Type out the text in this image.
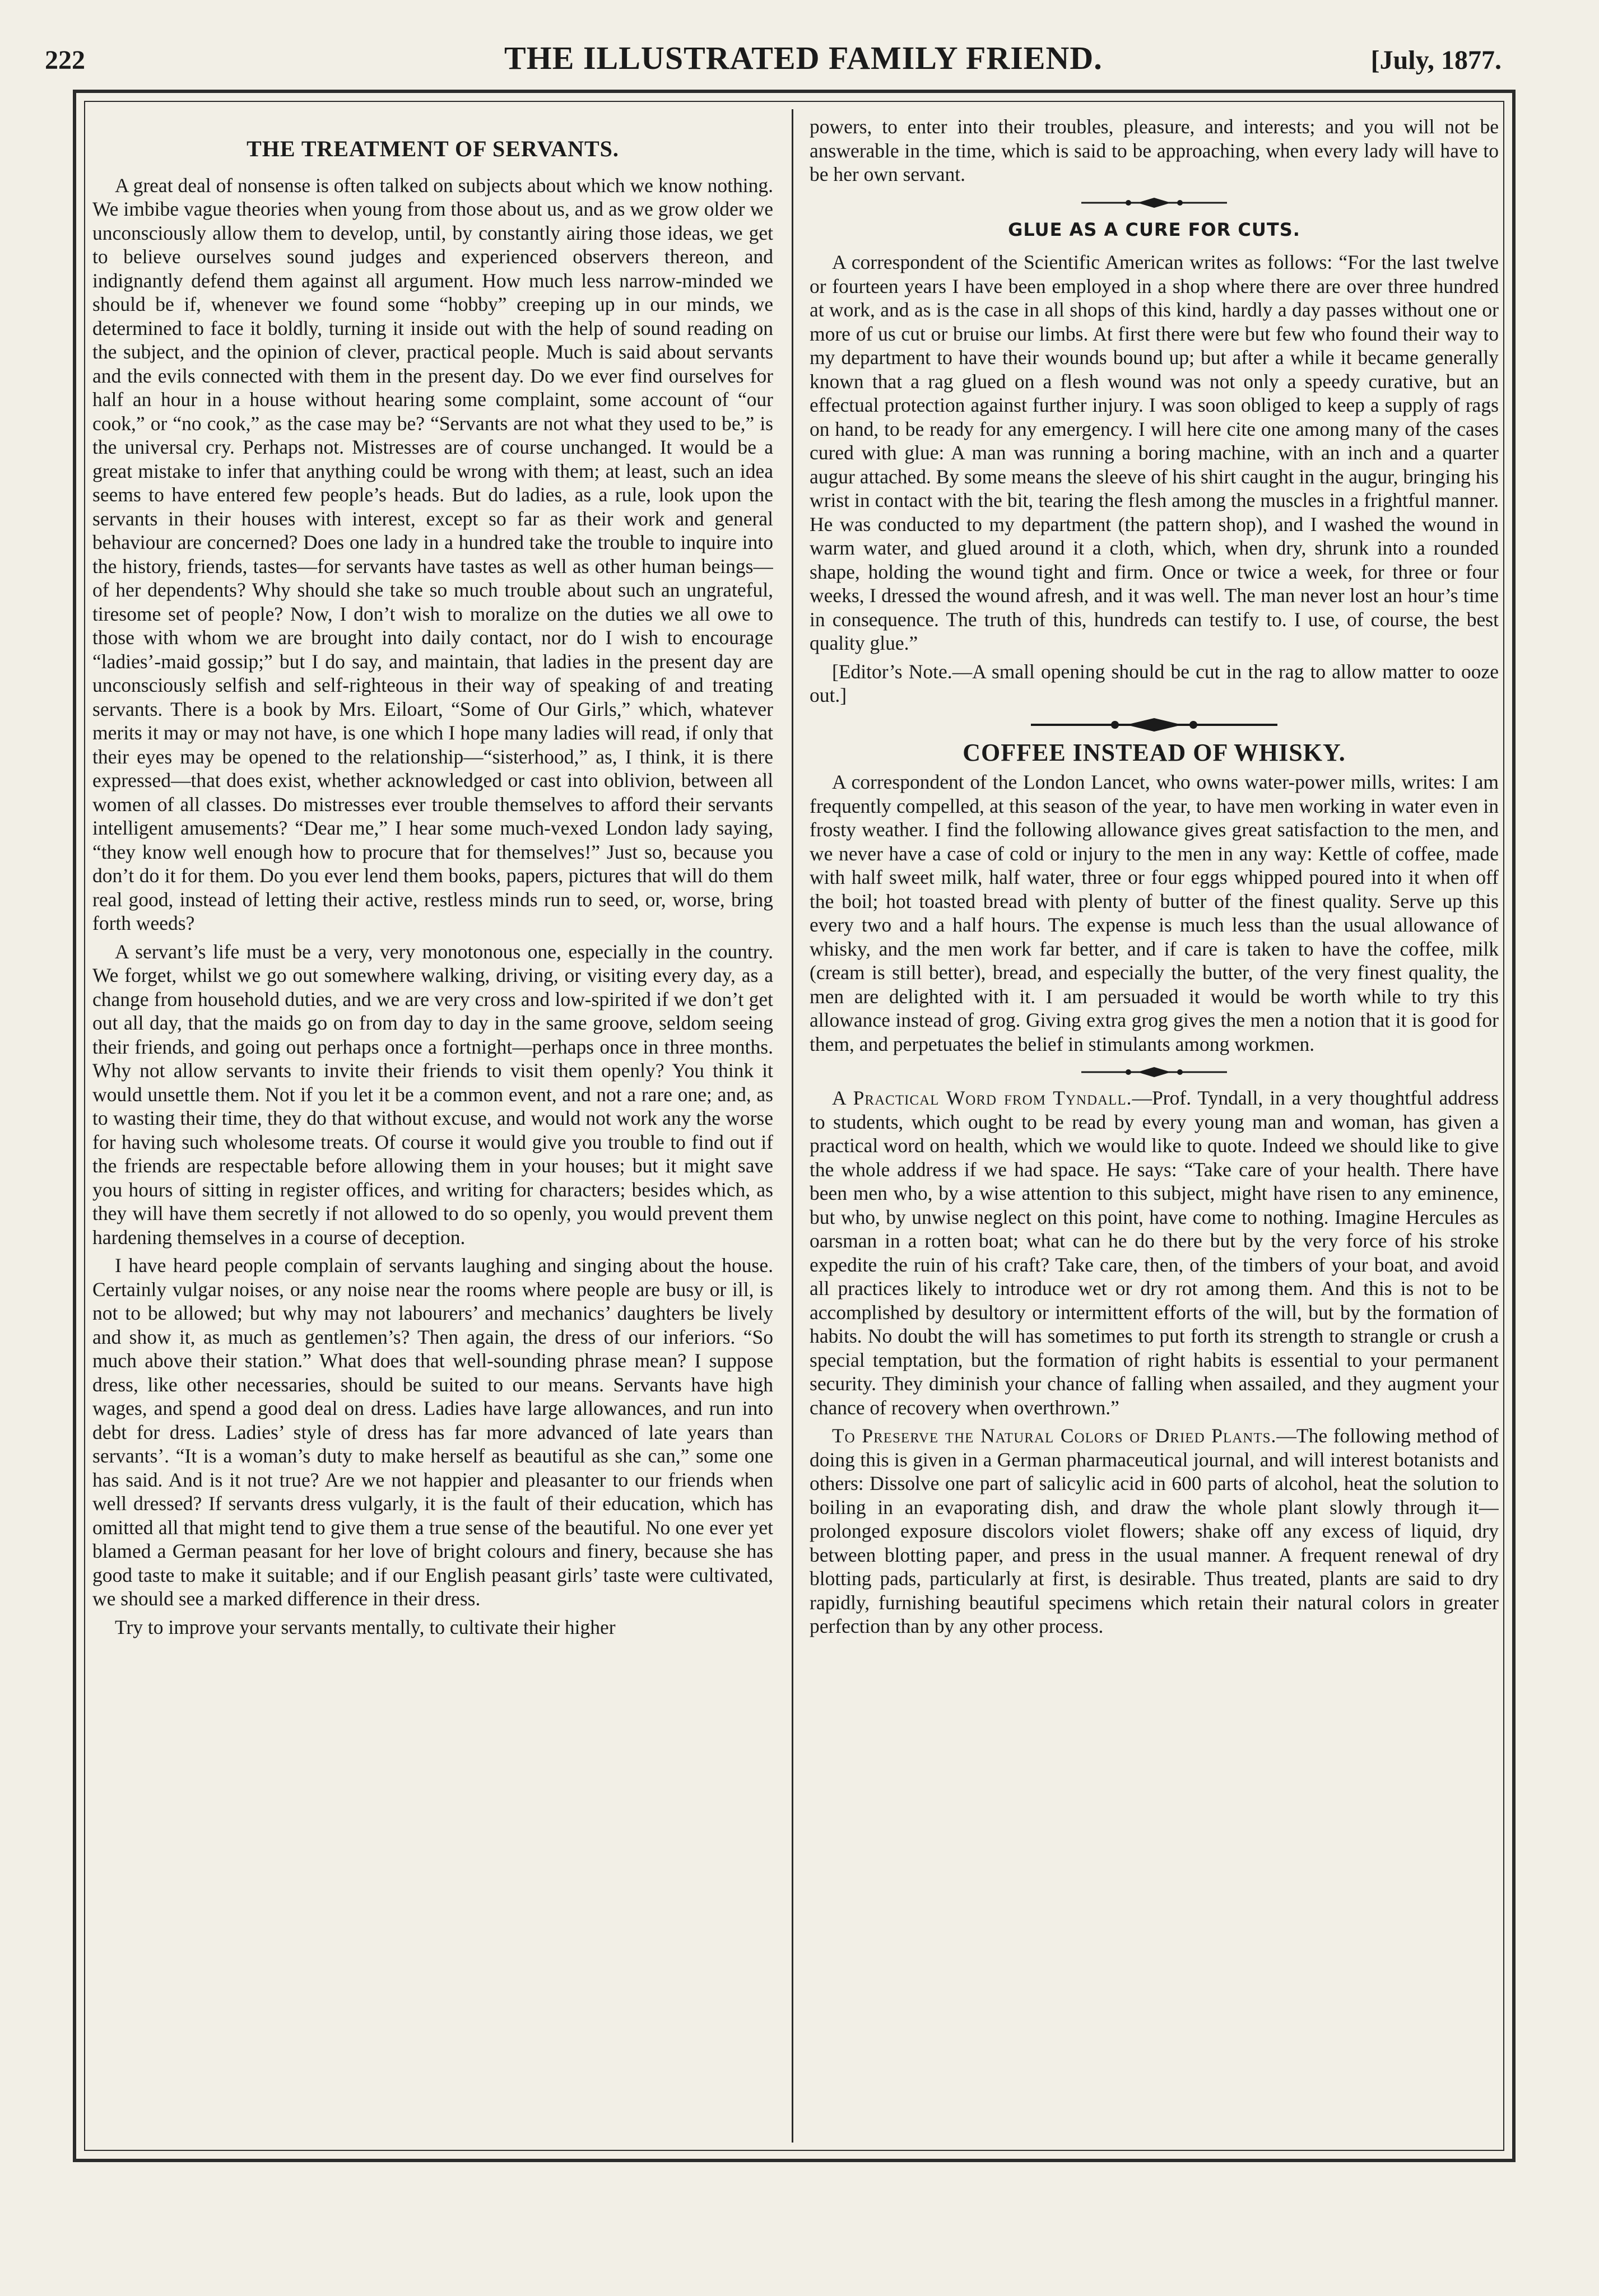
222	THE ILLUSTRATED FAMILY FRIEND.	[July, 1877.
THE TREATMENT OF SERVANTS.

A great deal of nonsense is often talked on subjects about which we know nothing. We imbibe vague theories when young from those about us, and as we grow older we unconsciously allow them to develop, until, by constantly airing those ideas, we get to believe ourselves sound judges and experienced observers thereon, and indignantly defend them against all argument. How much less narrow-minded we should be if, whenever we found some “hobby” creeping up in our minds, we determined to face it boldly, turning it inside out with the help of sound reading on the subject, and the opinion of clever, practical people. Much is said about servants and the evils connected with them in the present day. Do we ever find ourselves for half an hour in a house without hearing some complaint, some account of “our cook,” or “no cook,” as the case may be? “Servants are not what they used to be,” is the universal cry. Perhaps not. Mistresses are of course unchanged. It would be a great mistake to infer that anything could be wrong with them; at least, such an idea seems to have entered few people’s heads. But do ladies, as a rule, look upon the servants in their houses with interest, except so far as their work and general behaviour are concerned? Does one lady in a hundred take the trouble to inquire into the history, friends, tastes—for servants have tastes as well as other human beings—of her dependents? Why should she take so much trouble about such an ungrateful, tiresome set of people? Now, I don’t wish to moralize on the duties we all owe to those with whom we are brought into daily contact, nor do I wish to encourage “ladies’-maid gossip;” but I do say, and maintain, that ladies in the present day are unconsciously selfish and self-righteous in their way of speaking of and treating servants. There is a book by Mrs. Eiloart, “Some of Our Girls,” which, whatever merits it may or may not have, is one which I hope many ladies will read, if only that their eyes may be opened to the relationship—“sisterhood,” as, I think, it is there expressed—that does exist, whether acknowledged or cast into oblivion, between all women of all classes. Do mistresses ever trouble themselves to afford their servants intelligent amusements? “Dear me,” I hear some much-vexed London lady saying, “they know well enough how to procure that for themselves!” Just so, because you don’t do it for them. Do you ever lend them books, papers, pictures that will do them real good, instead of letting their active, restless minds run to seed, or, worse, bring forth weeds?

A servant’s life must be a very, very monotonous one, especially in the country. We forget, whilst we go out somewhere walking, driving, or visiting every day, as a change from household duties, and we are very cross and low-spirited if we don’t get out all day, that the maids go on from day to day in the same groove, seldom seeing their friends, and going out perhaps once a fortnight—perhaps once in three months. Why not allow servants to invite their friends to visit them openly? You think it would unsettle them. Not if you let it be a common event, and not a rare one; and, as to wasting their time, they do that without excuse, and would not work any the worse for having such wholesome treats. Of course it would give you trouble to find out if the friends are respectable before allowing them in your houses; but it might save you hours of sitting in register offices, and writing for characters; besides which, as they will have them secretly if not allowed to do so openly, you would prevent them hardening themselves in a course of deception.

I have heard people complain of servants laughing and singing about the house. Certainly vulgar noises, or any noise near the rooms where people are busy or ill, is not to be allowed; but why may not labourers’ and mechanics’ daughters be lively and show it, as much as gentlemen’s? Then again, the dress of our inferiors. “So much above their station.” What does that well-sounding phrase mean? I suppose dress, like other necessaries, should be suited to our means. Servants have high wages, and spend a good deal on dress. Ladies have large allowances, and run into debt for dress. Ladies’ style of dress has far more advanced of late years than servants’. “It is a woman’s duty to make herself as beautiful as she can,” some one has said. And is it not true? Are we not happier and pleasanter to our friends when well dressed? If servants dress vulgarly, it is the fault of their education, which has omitted all that might tend to give them a true sense of the beautiful. No one ever yet blamed a German peasant for her love of bright colours and finery, because she has good taste to make it suitable; and if our English peasant girls’ taste were cultivated, we should see a marked difference in their dress.

Try to improve your servants mentally, to cultivate their higher

powers, to enter into their troubles, pleasure, and interests; and you will not be answerable in the time, which is said to be approaching, when every lady will have to be her own servant.

GLUE AS A CURE FOR CUTS.

A correspondent of the Scientific American writes as follows: “For the last twelve or fourteen years I have been employed in a shop where there are over three hundred at work, and as is the case in all shops of this kind, hardly a day passes without one or more of us cut or bruise our limbs. At first there were but few who found their way to my department to have their wounds bound up; but after a while it became generally known that a rag glued on a flesh wound was not only a speedy curative, but an effectual protection against further injury. I was soon obliged to keep a supply of rags on hand, to be ready for any emergency. I will here cite one among many of the cases cured with glue: A man was running a boring machine, with an inch and a quarter augur attached. By some means the sleeve of his shirt caught in the augur, bringing his wrist in contact with the bit, tearing the flesh among the muscles in a frightful manner. He was conducted to my department (the pattern shop), and I washed the wound in warm water, and glued around it a cloth, which, when dry, shrunk into a rounded shape, holding the wound tight and firm. Once or twice a week, for three or four weeks, I dressed the wound afresh, and it was well. The man never lost an hour’s time in consequence. The truth of this, hundreds can testify to. I use, of course, the best quality glue.”

[Editor’s Note.—A small opening should be cut in the rag to allow matter to ooze out.]

COFFEE INSTEAD OF WHISKY.

A correspondent of the London Lancet, who owns water-power mills, writes: I am frequently compelled, at this season of the year, to have men working in water even in frosty weather. I find the following allowance gives great satisfaction to the men, and we never have a case of cold or injury to the men in any way: Kettle of coffee, made with half sweet milk, half water, three or four eggs whipped poured into it when off the boil; hot toasted bread with plenty of butter of the finest quality. Serve up this every two and a half hours. The expense is much less than the usual allowance of whisky, and the men work far better, and if care is taken to have the coffee, milk (cream is still better), bread, and especially the butter, of the very finest quality, the men are delighted with it. I am persuaded it would be worth while to try this allowance instead of grog. Giving extra grog gives the men a notion that it is good for them, and perpetuates the belief in stimulants among workmen.

A Practical Word from Tyndall.—Prof. Tyndall, in a very thoughtful address to students, which ought to be read by every young man and woman, has given a practical word on health, which we would like to quote. Indeed we should like to give the whole address if we had space. He says: “Take care of your health. There have been men who, by a wise attention to this subject, might have risen to any eminence, but who, by unwise neglect on this point, have come to nothing. Imagine Hercules as oarsman in a rotten boat; what can he do there but by the very force of his stroke expedite the ruin of his craft? Take care, then, of the timbers of your boat, and avoid all practices likely to introduce wet or dry rot among them. And this is not to be accomplished by desultory or intermittent efforts of the will, but by the formation of habits. No doubt the will has sometimes to put forth its strength to strangle or crush a special temptation, but the formation of right habits is essential to your permanent security. They diminish your chance of falling when assailed, and they augment your chance of recovery when overthrown.”

To Preserve the Natural Colors of Dried Plants.—The following method of doing this is given in a German pharmaceutical journal, and will interest botanists and others: Dissolve one part of salicylic acid in 600 parts of alcohol, heat the solution to boiling in an evaporating dish, and draw the whole plant slowly through it—prolonged exposure discolors violet flowers; shake off any excess of liquid, dry between blotting paper, and press in the usual manner. A frequent renewal of dry blotting pads, particularly at first, is desirable. Thus treated, plants are said to dry rapidly, furnishing beautiful specimens which retain their natural colors in greater perfection than by any other process.
